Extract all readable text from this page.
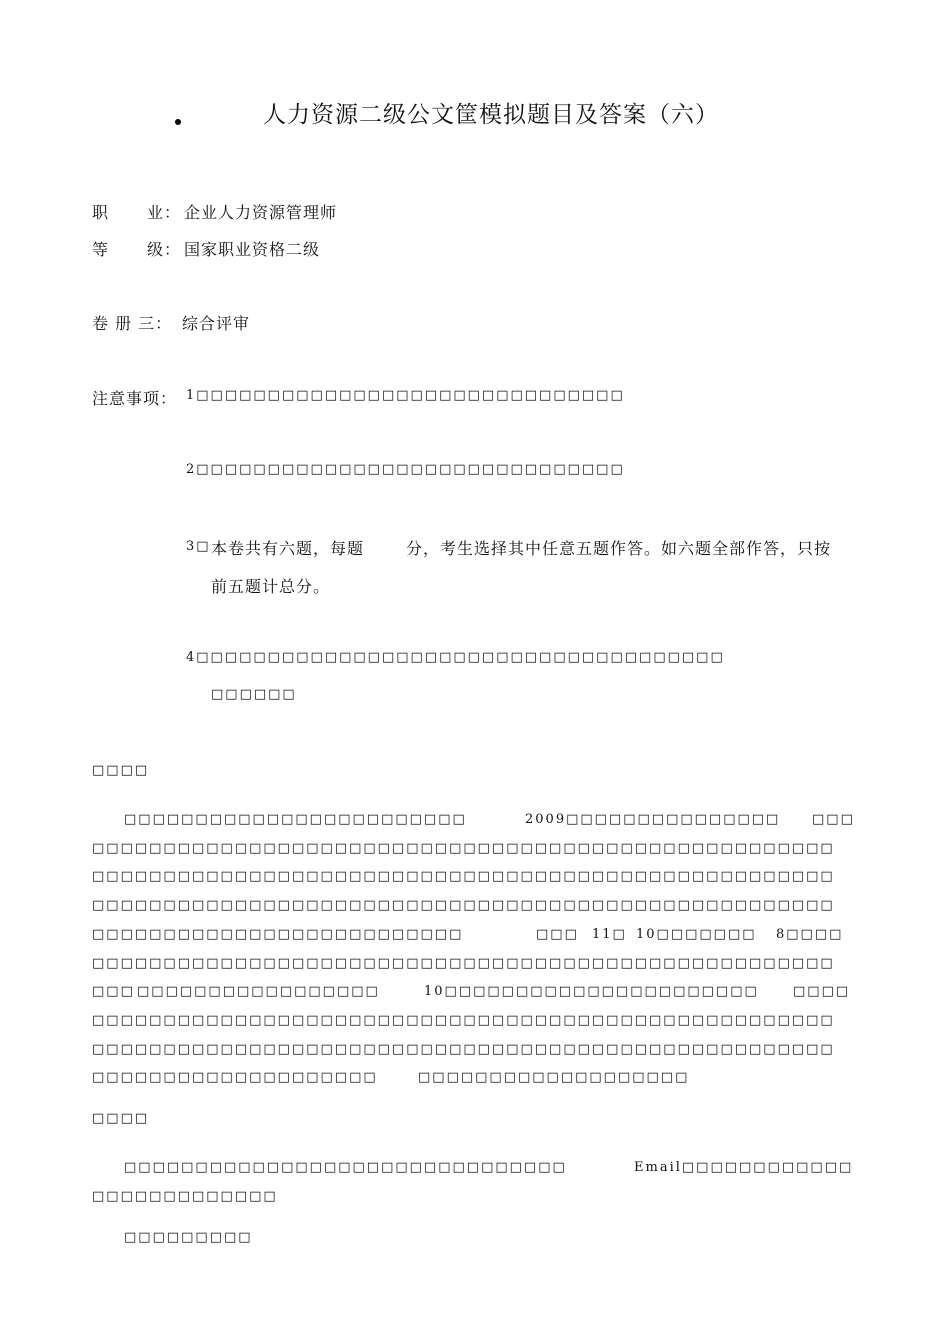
人力资源二级公文筐模拟题目及答案（六）
职 业： 企业人力资源管理师
等 级： 国家职业资格二级
卷 册 三： 综合评审
注意事项： 1□□□□□□□□□□□□□□□□□□□□□□□□□□□□□□
2□□□□□□□□□□□□□□□□□□□□□□□□□□□□□□
3□ 本卷共有六题，每题	分，考生选择其中任意五题作答。如六题全部作答，只按
前五题计总分。
4□□□□□□□□□□□□□□□□□□□□□□□□□□□□□□□□□□□□□
□□□□□□
□□□□
□□□□□□□□□□□□□□□□□□□□□□□□	2009□□□□□□□□□□□□□□□ □□□
□□□□□□□□□□□□□□□□□□□□□□□□□□□□□□□□□□□□□□□□□□□□□□□□□□□□
□□□□□□□□□□□□□□□□□□□□□□□□□□□□□□□□□□□□□□□□□□□□□□□□□□□□
□□□□□□□□□□□□□□□□□□□□□□□□□□□□□□□□□□□□□□□□□□□□□□□□□□□□
□□□□□□□□□□□□□□□□□□□□□□□□□□	□□□ 11□ 10□□□□□□□ 8□□□□
□□□□□□□□□□□□□□□□□□□□□□□□□□□□□□□□□□□□□□□□□□□□□□□□□□□□
□□□ □□□□□□□□□□□□□□□□□	10□□□□□□□□□□□□□□□□□□□□□□	□□□□
□□□□□□□□□□□□□□□□□□□□□□□□□□□□□□□□□□□□□□□□□□□□□□□□□□□□
□□□□□□□□□□□□□□□□□□□□□□□□□□□□□□□□□□□□□□□□□□□□□□□□□□□□
□□□□□□□□□□□□□□□□□□□□	□□□□□□□□□□□□□□□□□□□
□□□□
□□□□□□□□□□□□□□□□□□□□□□□□□□□□□□□	Email□□□□□□□□□□□□
□□□□□□□□□□□□□
□□□□□□□□□
